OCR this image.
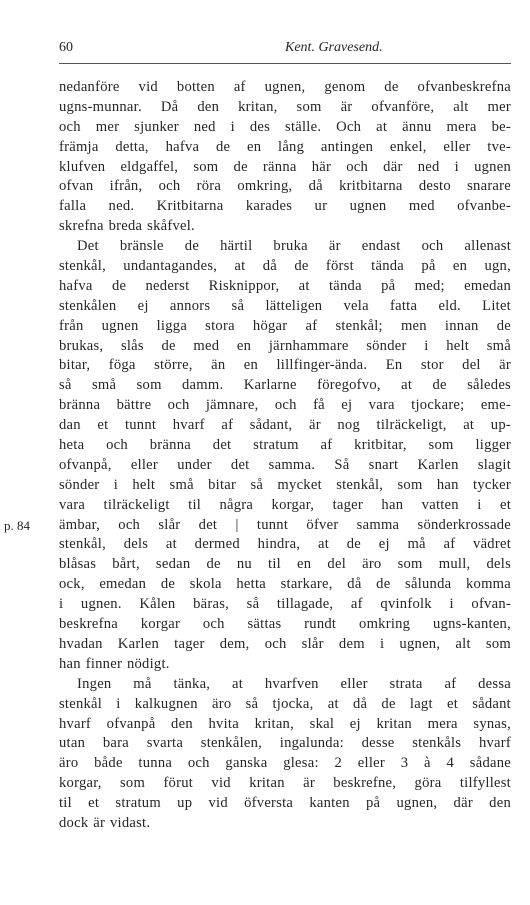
60	Kent. Gravesend.
p. 84
nedanföre vid botten af ugnen, genom de ofvanbeskrefna
ugns-munnar. Då den kritan, som är ofvanföre, alt mer
och mer sjunker ned i des ställe. Och at ännu mera be-
främja detta, hafva de en lång antingen enkel, eller tve-
klufven eldgaffel, som de ränna här och där ned i ugnen
ofvan ifrån, och röra omkring, då kritbitarna desto snarare
falla ned. Kritbitarna karades ur ugnen med ofvanbe-
skrefna breda skåfvel.
Det bränsle de härtil bruka är endast och allenast
stenkål, undantagandes, at då de först tända på en ugn,
hafva de nederst Risknippor, at tända på med; emedan
stenkålen ej annors så lätteligen vela fatta eld. Litet
från ugnen ligga stora högar af stenkål; men innan de
brukas, slås de med en järnhammare sönder i helt små
bitar, föga större, än en lillfinger-ända. En stor del är
så små som damm. Karlarne föregofvo, at de således
bränna bättre och jämnare, och få ej vara tjockare; eme-
dan et tunnt hvarf af sådant, är nog tilräckeligt, at up-
heta och bränna det stratum af kritbitar, som ligger
ofvanpå, eller under det samma. Så snart Karlen slagit
sönder i helt små bitar så mycket stenkål, som han tycker
vara tilräckeligt til några korgar, tager han vatten i et
ämbar, och slår det | tunnt öfver samma sönderkrossade
stenkål, dels at dermed hindra, at de ej må af vädret
blåsas bårt, sedan de nu til en del äro som mull, dels
ock, emedan de skola hetta starkare, då de sålunda komma
i ugnen. Kålen bäras, så tillagade, af qvinfolk i ofvan-
beskrefna korgar och sättas rundt omkring ugns-kanten,
hvadan Karlen tager dem, och slår dem i ugnen, alt som
han finner nödigt.
Ingen må tänka, at hvarfven eller strata af dessa
stenkål i kalkugnen äro så tjocka, at då de lagt et sådant
hvarf ofvanpå den hvita kritan, skal ej kritan mera synas,
utan bara svarta stenkålen, ingalunda: desse stenkåls hvarf
äro både tunna och ganska glesa: 2 eller 3 à 4 sådane
korgar, som förut vid kritan är beskrefne, göra tilfyllest
til et stratum up vid öfversta kanten på ugnen, där den
dock är vidast.
